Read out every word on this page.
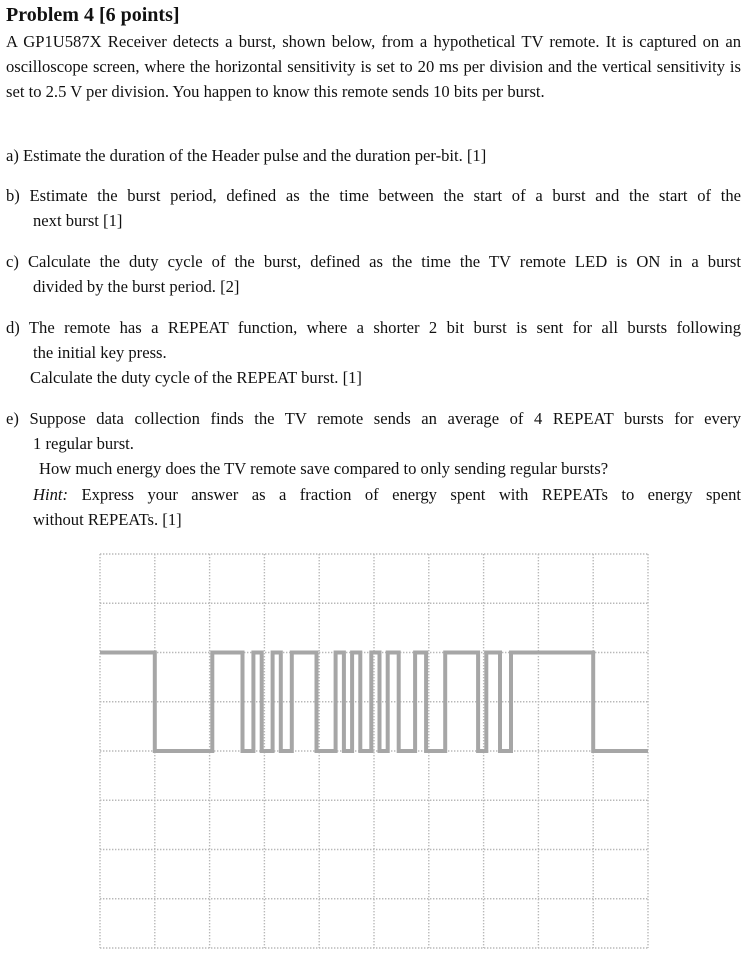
Problem 4 [6 points]
A GP1U587X Receiver detects a burst, shown below, from a hypothetical TV remote. It is captured on an oscilloscope screen, where the horizontal sensitivity is set to 20 ms per division and the vertical sensitivity is set to 2.5 V per division. You happen to know this remote sends 10 bits per burst.
a) Estimate the duration of the Header pulse and the duration per-bit. [1]
b) Estimate the burst period, defined as the time between the start of a burst and the start of the
next burst [1]
c) Calculate the duty cycle of the burst, defined as the time the TV remote LED is ON in a burst
divided by the burst period. [2]
d) The remote has a REPEAT function, where a shorter 2 bit burst is sent for all bursts following
the initial key press.
Calculate the duty cycle of the REPEAT burst. [1]
e) Suppose data collection finds the TV remote sends an average of 4 REPEAT bursts for every
1 regular burst.
How much energy does the TV remote save compared to only sending regular bursts?
Hint: Express your answer as a fraction of energy spent with REPEATs to energy spent
without REPEATs. [1]
